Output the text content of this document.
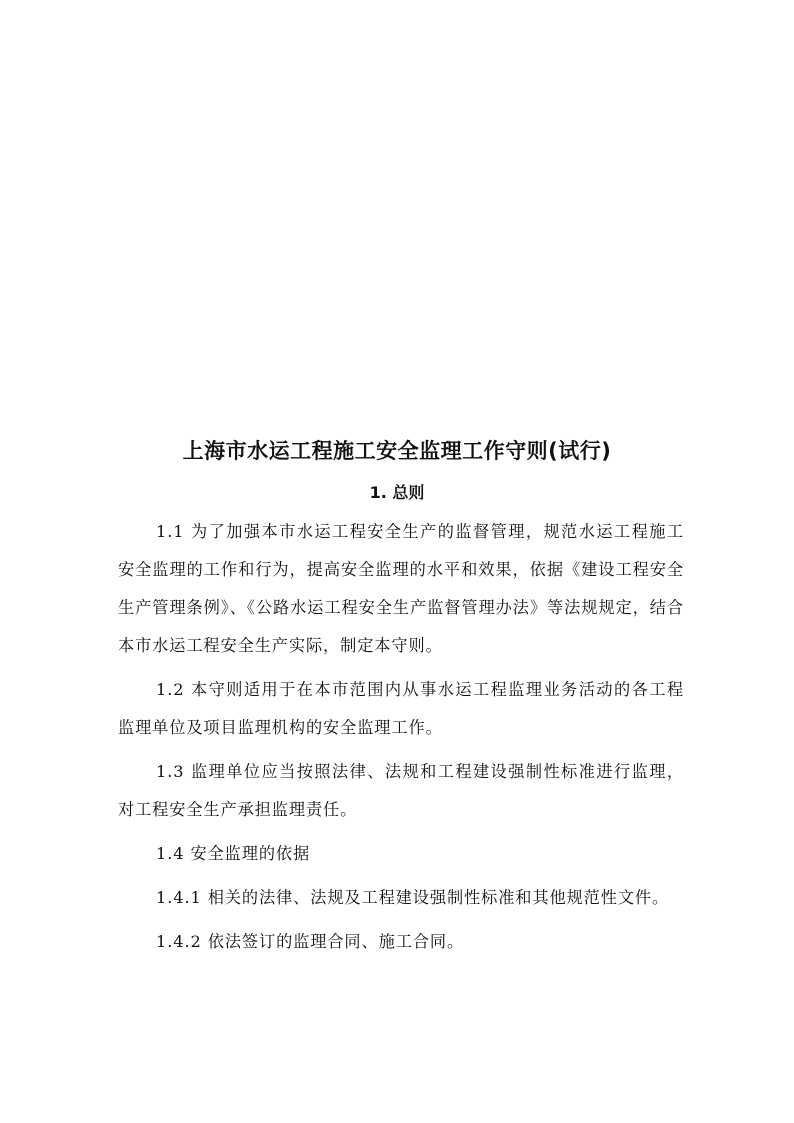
上海市水运工程施工安全监理工作守则(试行)
1. 总则

1.1 为了加强本市水运工程安全生产的监督管理，规范水运工程施工安全监理的工作和行为，提高安全监理的水平和效果，依据《建设工程安全生产管理条例》、《公路水运工程安全生产监督管理办法》等法规规定，结合本市水运工程安全生产实际，制定本守则。

1.2 本守则适用于在本市范围内从事水运工程监理业务活动的各工程监理单位及项目监理机构的安全监理工作。

1.3 监理单位应当按照法律、法规和工程建设强制性标准进行监理，对工程安全生产承担监理责任。

1.4 安全监理的依据

1.4.1 相关的法律、法规及工程建设强制性标准和其他规范性文件。

1.4.2 依法签订的监理合同、施工合同。
